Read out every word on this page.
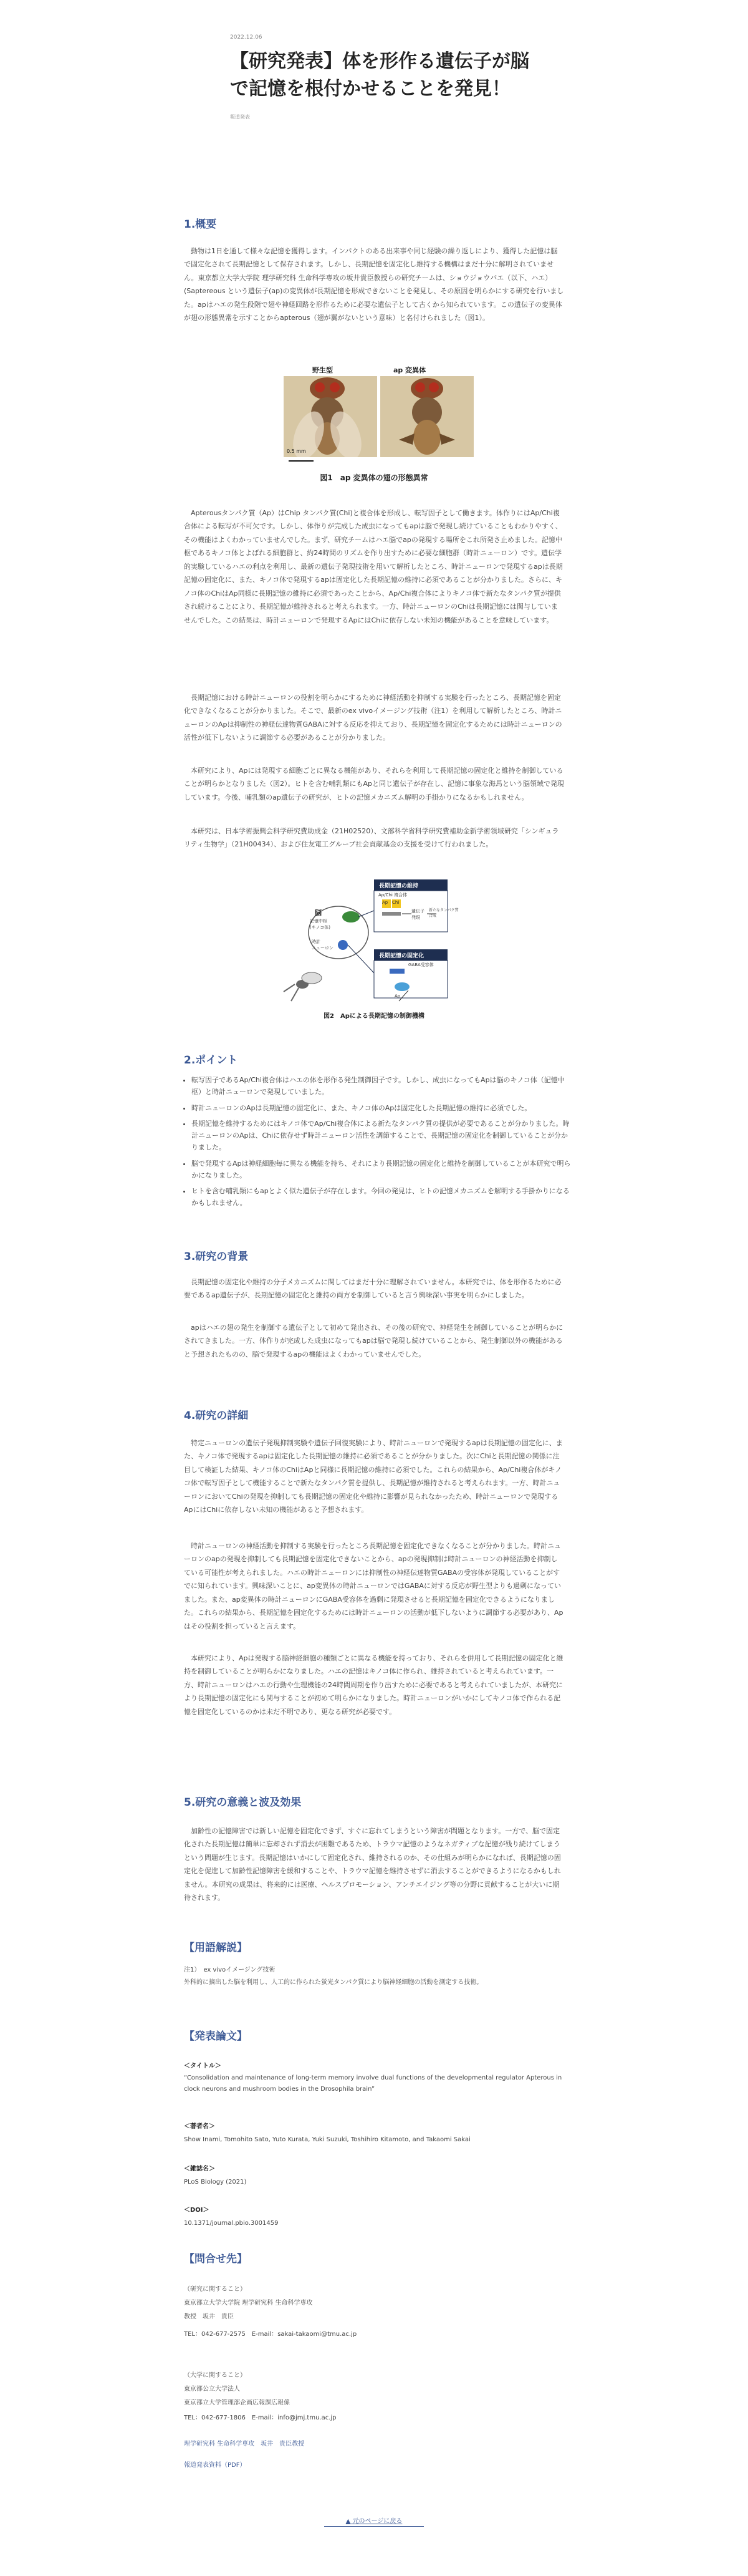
2022.12.06
【研究発表】体を形作る遺伝子が脳で記憶を根付かせることを発見！
報道発表
1.概要

動物は1日を通して様々な記憶を獲得します。インパクトのある出来事や同じ経験の繰り返しにより、獲得した記憶は脳で固定化されて長期記憶として保存されます。しかし、長期記憶を固定化し維持する機構はまだ十分に解明されていません。東京都立大学大学院 理学研究科 生命科学専攻の坂井貴臣教授らの研究チームは、ショウジョウバエ（以下、ハエ）(Saptereous という遺伝子(ap)の変異体が長期記憶を形成できないことを発見し、その原因を明らかにする研究を行いました。apはハエの発生段階で翅や神経回路を形作るために必要な遺伝子として古くから知られています。この遺伝子の変異体が翅の形態異常を示すことからapterous（翅が翼がないという意味）と名付けられました（図1）。

野生型	ap 変異体
0.5 mm
図1　ap 変異体の翅の形態異常

Apterousタンパク質（Ap）はChip タンパク質(Chi)と複合体を形成し、転写因子として働きます。体作りにはAp/Chi複合体による転写が不可欠です。しかし、体作りが完成した成虫になってもapは脳で発現し続けていることもわかりやすく、その機能はよくわかっていませんでした。まず、研究チームはハエ脳でapの発現する場所をこれ所発さ止めました。記憶中枢であるキノコ体とよばれる細胞群と、約24時間のリズムを作り出すために必要な細胞群（時計ニューロン）です。遺伝学的実験しているハエの利点を利用し、最新の遺伝子発現技術を用いて解析したところ、時計ニューロンで発現するapは長期記憶の固定化に、また、キノコ体で発現するapは固定化した長期記憶の維持に必須であることが分かりました。さらに、キノコ体のChiはAp同様に長期記憶の維持に必須であったことから、Ap/Chi複合体によりキノコ体で新たなタンパク質が提供され続けることにより、長期記憶が維持されると考えられます。一方、時計ニューロンのChiは長期記憶には関与していませんでした。この結果は、時計ニューロンで発現するApにはChiに依存しない未知の機能があることを意味しています。

長期記憶における時計ニューロンの役割を明らかにするために神経活動を抑制する実験を行ったところ、長期記憶を固定化できなくなることが分かりました。そこで、最新のex vivoイメージング技術（注1）を利用して解析したところ、時計ニューロンのApは抑制性の神経伝達物質GABAに対する反応を抑えており、長期記憶を固定化するためには時計ニューロンの活性が低下しないように調節する必要があることが分かりました。

本研究により、Apには発現する細胞ごとに異なる機能があり、それらを利用して長期記憶の固定化と維持を制御していることが明らかとなりました（図2）。ヒトを含む哺乳類にもApと同じ遺伝子が存在し、記憶に事象な海馬という脳領域で発現しています。今後、哺乳類のap遺伝子の研究が、ヒトの記憶メカニズム解明の手掛かりになるかもしれません。

本研究は、日本学術振興会科学研究費助成金（21H02520）、文部科学省科学研究費補助金新学術領域研究「シンギュラリティ生物学」（21H00434）、および住友電工グループ社会貢献基金の支援を受けて行われました。

長期記憶の維持
長期記憶の固定化
Ap/Chi 複合体
Ap Chi
遺伝子
発現
新たなタンパク質
合成
GABA受容体
脳
記憶中枢
(キノコ体)
時計
ニューロン
Ap
図2　Apによる長期記憶の制御機構
2.ポイント
• 転写因子であるAp/Chi複合体はハエの体を形作る発生制御因子です。しかし、成虫になってもApは脳のキノコ体（記憶中枢）と時計ニューロンで発現していました。
• 時計ニューロンのApは長期記憶の固定化に、また、キノコ体のApは固定化した長期記憶の維持に必須でした。
• 長期記憶を維持するためにはキノコ体でAp/Chi複合体による新たなタンパク質の提供が必要であることが分かりました。時計ニューロンのApは、Chiに依存せず時計ニューロン活性を調節することで、長期記憶の固定化を制御していることが分かりました。
• 脳で発現するApは神経細胞毎に異なる機能を持ち、それにより長期記憶の固定化と維持を制御していることが本研究で明らかになりました。
• ヒトを含む哺乳類にもapとよく似た遺伝子が存在します。今回の発見は、ヒトの記憶メカニズムを解明する手掛かりになるかもしれません。
3.研究の背景

長期記憶の固定化や維持の分子メカニズムに関してはまだ十分に理解されていません。本研究では、体を形作るために必要であるap遺伝子が、長期記憶の固定化と維持の両方を制御していると言う興味深い事実を明らかにしました。

apはハエの翅の発生を制御する遺伝子として初めて発出され、その後の研究で、神経発生を制御していることが明らかにされてきました。一方、体作りが完成した成虫になってもapは脳で発現し続けていることから、発生制御以外の機能があると予想されたものの、脳で発現するapの機能はよくわかっていませんでした。

4.研究の詳細

特定ニューロンの遺伝子発現抑制実験や遺伝子回復実験により、時計ニューロンで発現するapは長期記憶の固定化に、また、キノコ体で発現するapは固定化した長期記憶の維持に必須であることが分かりました。次にChiと長期記憶の関係に注目して検証した結果、キノコ体のChiはApと同様に長期記憶の維持に必須でした。これらの結果から、Ap/Chi複合体がキノコ体で転写因子として機能することで新たなタンパク質を提供し、長期記憶が維持されると考えられます。一方、時計ニューロンにおいてChiの発現を抑制しても長期記憶の固定化や維持に影響が見られなかったため、時計ニューロンで発現するApにはChiに依存しない未知の機能があると予想されます。

時計ニューロンの神経活動を抑制する実験を行ったところ長期記憶を固定化できなくなることが分かりました。時計ニューロンのapの発現を抑制しても長期記憶を固定化できないことから、apの発現抑制は時計ニューロンの神経活動を抑制している可能性が考えられました。ハエの時計ニューロンには抑制性の神経伝達物質GABAの受容体が発現していることがすでに知られています。興味深いことに、ap変異体の時計ニューロンではGABAに対する反応が野生型よりも過剰になっていました。また、ap変異体の時計ニューロンにGABA受容体を過剰に発現させると長期記憶を固定化できるようになりました。これらの結果から、長期記憶を固定化するためには時計ニューロンの活動が低下しないように調節する必要があり、Apはその役割を担っていると言えます。

本研究により、Apは発現する脳神経細胞の種類ごとに異なる機能を持っており、それらを併用して長期記憶の固定化と維持を制御していることが明らかになりました。ハエの記憶はキノコ体に作られ、維持されていると考えられています。一方、時計ニューロンはハエの行動や生理機能の24時間周期を作り出すために必要であると考えられていましたが、本研究により長期記憶の固定化にも関与することが初めて明らかになりました。時計ニューロンがいかにしてキノコ体で作られる記憶を固定化しているのかは未だ不明であり、更なる研究が必要です。

5.研究の意義と波及効果

加齢性の記憶障害では新しい記憶を固定化できず、すぐに忘れてしまうという障害が問題となります。一方で、脳で固定化された長期記憶は簡単に忘却されず消去が困難であるため、トラウマ記憶のようなネガティブな記憶が残り続けてしまうという問題が生じます。長期記憶はいかにして固定化され、維持されるのか、その仕組みが明らかになれば、長期記憶の固定化を促進して加齢性記憶障害を緩和することや、トラウマ記憶を維持させずに消去することができるようになるかもしれません。本研究の成果は、将来的には医療、ヘルスプロモーション、アンチエイジング等の分野に貢献することが大いに期待されます。

【用語解説】
注1）　ex vivoイメージング技術
外科的に摘出した脳を利用し、人工的に作られた蛍光タンパク質により脳神経細胞の活動を測定する技術。
【発表論文】
＜タイトル＞
“Consolidation and maintenance of long-term memory involve dual functions of the developmental regulator Apterous in clock neurons and mushroom bodies in the Drosophila brain”
＜著者名＞
Show Inami, Tomohito Sato, Yuto Kurata, Yuki Suzuki, Toshihiro Kitamoto, and Takaomi Sakai
＜雑誌名＞
PLoS Biology (2021)
＜DOI＞
10.1371/journal.pbio.3001459
【問合せ先】
（研究に関すること）
東京都立大学大学院 理学研究科 生命科学専攻
教授　坂井　貴臣
TEL：042-677-2575　E-mail：sakai-takaomi@tmu.ac.jp
（大学に関すること）
東京都公立大学法人
東京都立大学管理部企画広報課広報係
TEL：042-677-1806　E-mail：info@jmj.tmu.ac.jp
理学研究科 生命科学専攻　坂井　貴臣教授
報道発表資料（PDF）
▲ 元のページに戻る
